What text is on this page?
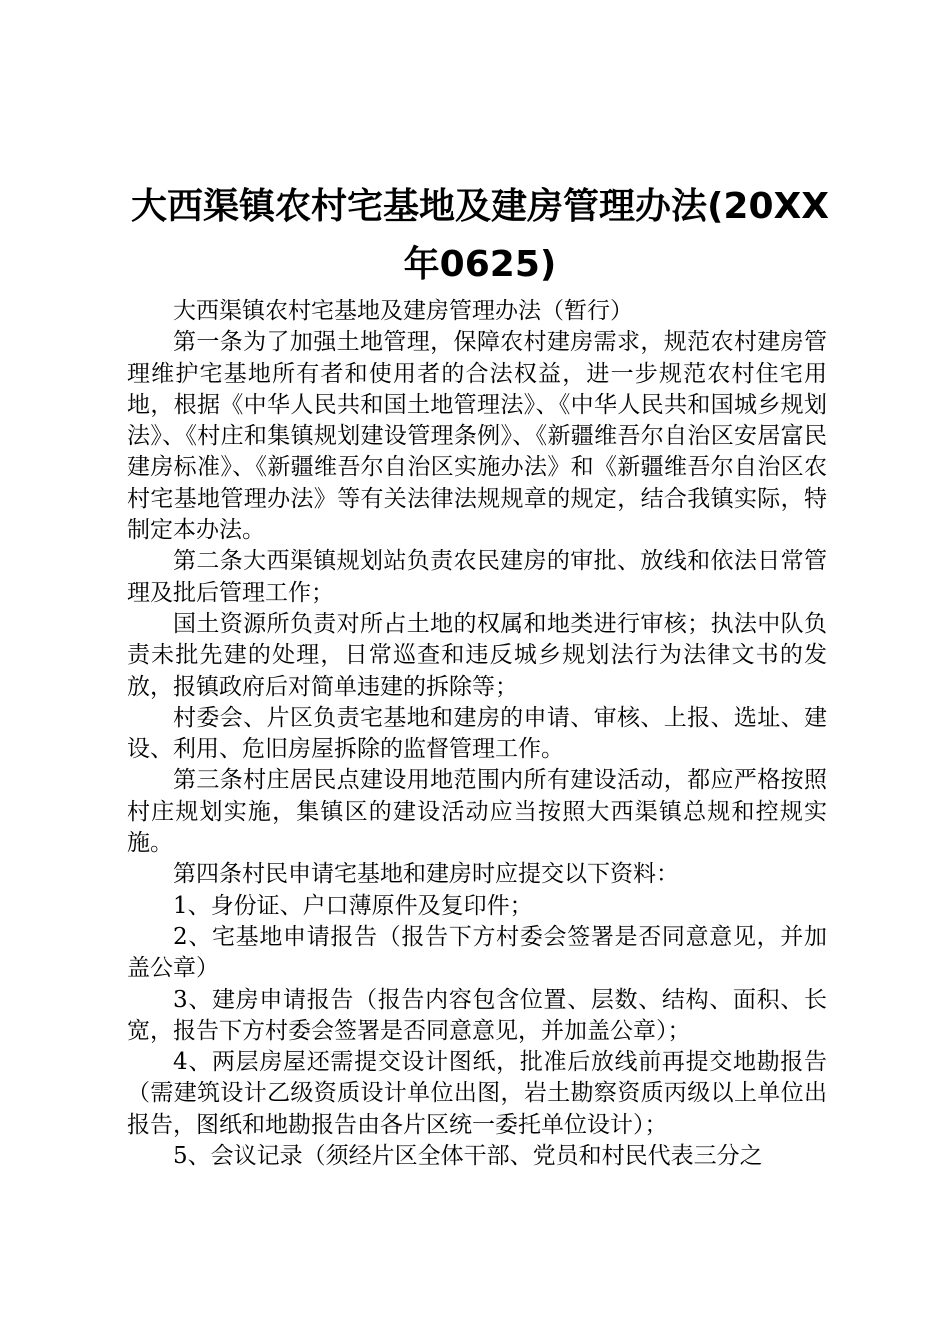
大西渠镇农村宅基地及建房管理办法(20XX年0625)

大西渠镇农村宅基地及建房管理办法（暂行）

第一条为了加强土地管理，保障农村建房需求，规范农村建房管理维护宅基地所有者和使用者的合法权益，进一步规范农村住宅用地，根据《中华人民共和国土地管理法》、《中华人民共和国城乡规划法》、《村庄和集镇规划建设管理条例》、《新疆维吾尔自治区安居富民建房标准》、《新疆维吾尔自治区实施办法》和《新疆维吾尔自治区农村宅基地管理办法》等有关法律法规规章的规定，结合我镇实际，特制定本办法。

第二条大西渠镇规划站负责农民建房的审批、放线和依法日常管理及批后管理工作；

国土资源所负责对所占土地的权属和地类进行审核；执法中队负责未批先建的处理，日常巡查和违反城乡规划法行为法律文书的发放，报镇政府后对简单违建的拆除等；

村委会、片区负责宅基地和建房的申请、审核、上报、选址、建设、利用、危旧房屋拆除的监督管理工作。

第三条村庄居民点建设用地范围内所有建设活动，都应严格按照村庄规划实施，集镇区的建设活动应当按照大西渠镇总规和控规实施。

第四条村民申请宅基地和建房时应提交以下资料：

1、身份证、户口薄原件及复印件；

2、宅基地申请报告（报告下方村委会签署是否同意意见，并加盖公章）

3、建房申请报告（报告内容包含位置、层数、结构、面积、长宽，报告下方村委会签署是否同意意见，并加盖公章）；

4、两层房屋还需提交设计图纸，批准后放线前再提交地勘报告（需建筑设计乙级资质设计单位出图，岩土勘察资质丙级以上单位出报告，图纸和地勘报告由各片区统一委托单位设计）；

5、会议记录（须经片区全体干部、党员和村民代表三分之
